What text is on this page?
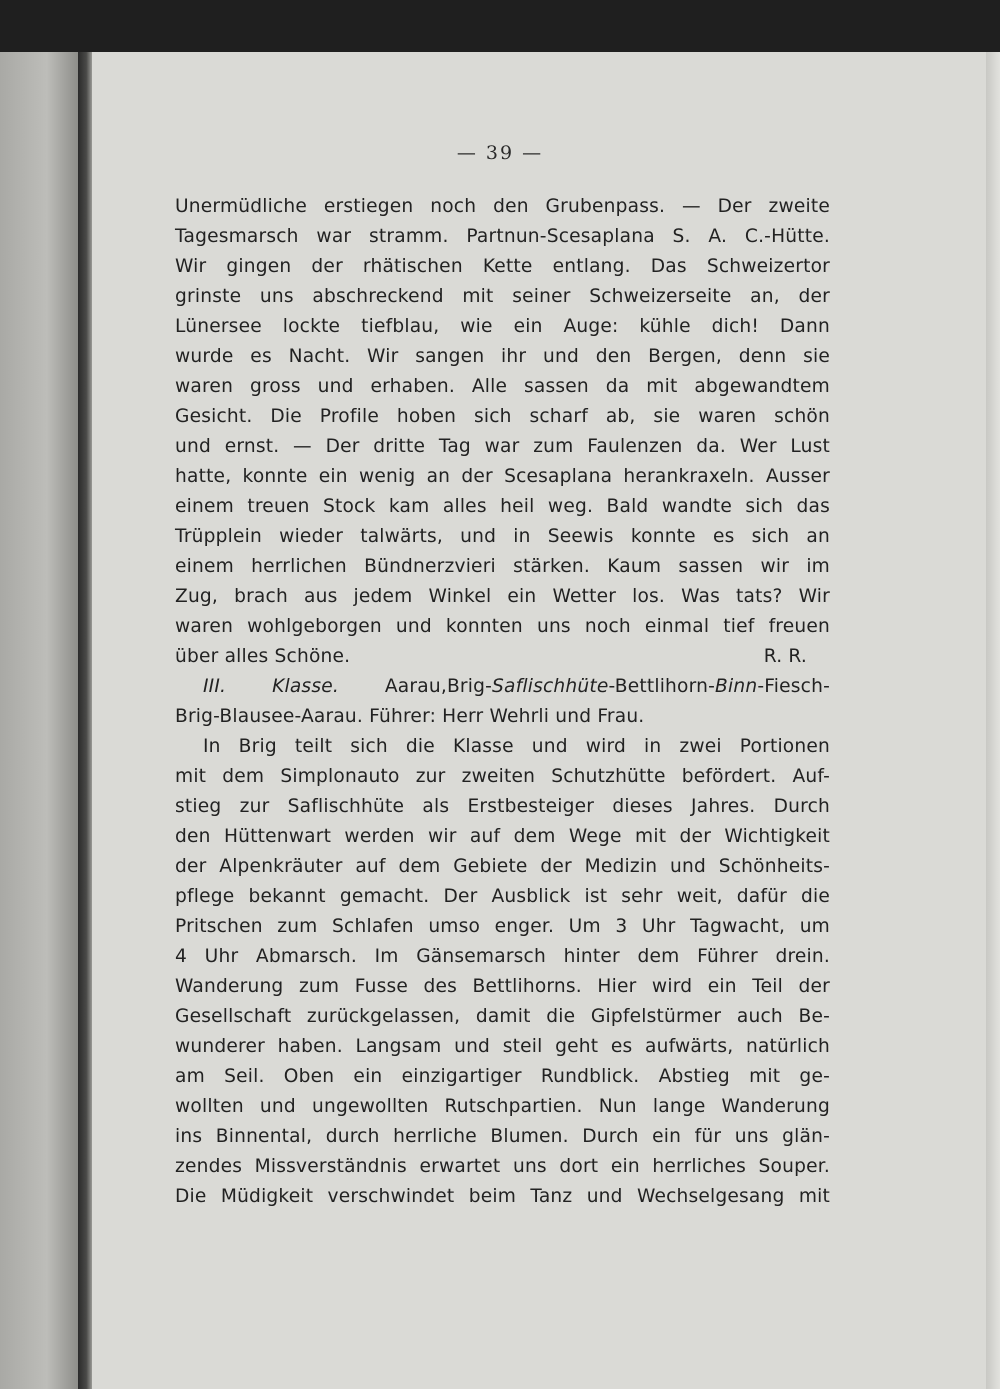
— 39 —
Unermüdliche erstiegen noch den Grubenpass. — Der zweite
Tagesmarsch war stramm. Partnun-Scesaplana S. A. C.-Hütte.
Wir gingen der rhätischen Kette entlang. Das Schweizertor
grinste uns abschreckend mit seiner Schweizerseite an, der
Lünersee lockte tiefblau, wie ein Auge: kühle dich! Dann
wurde es Nacht. Wir sangen ihr und den Bergen, denn sie
waren gross und erhaben. Alle sassen da mit abgewandtem
Gesicht. Die Profile hoben sich scharf ab, sie waren schön
und ernst. — Der dritte Tag war zum Faulenzen da. Wer Lust
hatte, konnte ein wenig an der Scesaplana herankraxeln. Ausser
einem treuen Stock kam alles heil weg. Bald wandte sich das
Trüpplein wieder talwärts, und in Seewis konnte es sich an
einem herrlichen Bündnerzvieri stärken. Kaum sassen wir im
Zug, brach aus jedem Winkel ein Wetter los. Was tats? Wir
waren wohlgeborgen und konnten uns noch einmal tief freuen
über alles Schöne.	R. R.
III. Klasse. Aarau,Brig-Saflischhüte-Bettlihorn-Binn-Fiesch-
Brig-Blausee-Aarau. Führer: Herr Wehrli und Frau.
In Brig teilt sich die Klasse und wird in zwei Portionen
mit dem Simplonauto zur zweiten Schutzhütte befördert. Auf-
stieg zur Saflischhüte als Erstbesteiger dieses Jahres. Durch
den Hüttenwart werden wir auf dem Wege mit der Wichtigkeit
der Alpenkräuter auf dem Gebiete der Medizin und Schönheits-
pflege bekannt gemacht. Der Ausblick ist sehr weit, dafür die
Pritschen zum Schlafen umso enger. Um 3 Uhr Tagwacht, um
4 Uhr Abmarsch. Im Gänsemarsch hinter dem Führer drein.
Wanderung zum Fusse des Bettlihorns. Hier wird ein Teil der
Gesellschaft zurückgelassen, damit die Gipfelstürmer auch Be-
wunderer haben. Langsam und steil geht es aufwärts, natürlich
am Seil. Oben ein einzigartiger Rundblick. Abstieg mit ge-
wollten und ungewollten Rutschpartien. Nun lange Wanderung
ins Binnental, durch herrliche Blumen. Durch ein für uns glän-
zendes Missverständnis erwartet uns dort ein herrliches Souper.
Die Müdigkeit verschwindet beim Tanz und Wechselgesang mit
